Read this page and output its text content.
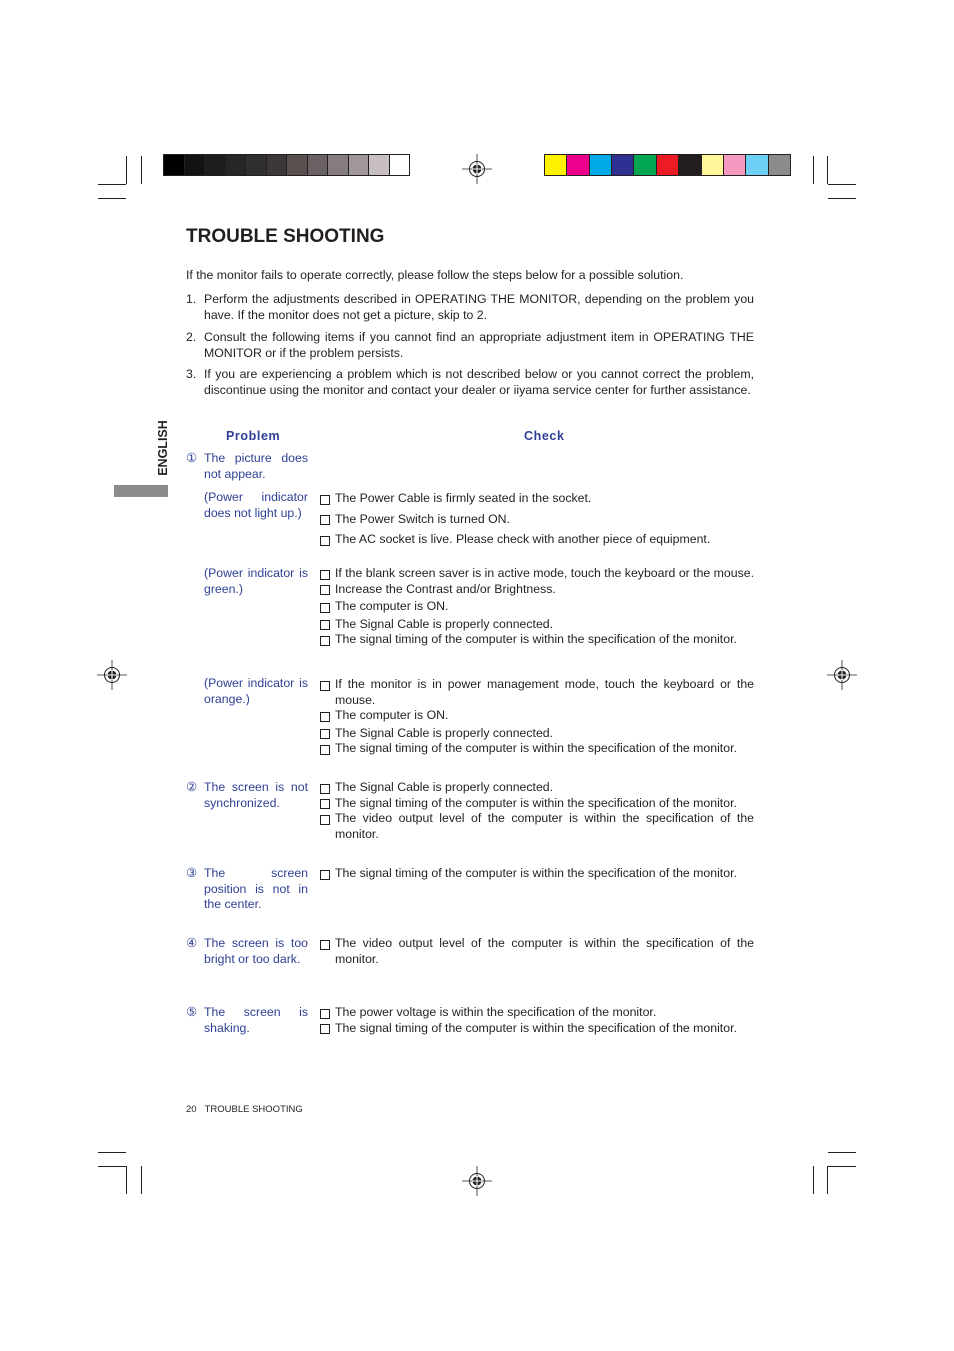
TROUBLE SHOOTING

If the monitor fails to operate correctly, please follow the steps below for a possible solution.

1. Perform the adjustments described in OPERATING THE MONITOR, depending on the problem you have. If the monitor does not get a picture, skip to 2.
2. Consult the following items if you cannot find an appropriate adjustment item in OPERATING THE MONITOR or if the problem persists.
3. If you are experiencing a problem which is not described below or you cannot correct the problem, discontinue using the monitor and contact your dealer or iiyama service center for further assistance.
ENGLISH	Problem	Check
① The picture does not appear.
(Power indicator does not light up.)
The Power Cable is firmly seated in the socket.
The Power Switch is turned ON.
The AC socket is live. Please check with another piece of equipment.
(Power indicator is green.)
If the blank screen saver is in active mode, touch the keyboard or the mouse.
Increase the Contrast and/or Brightness.
The computer is ON.
The Signal Cable is properly connected.
The signal timing of the computer is within the specification of the monitor.
(Power indicator is orange.)
If the monitor is in power management mode, touch the keyboard or the mouse.
The computer is ON.
The Signal Cable is properly connected.
The signal timing of the computer is within the specification of the monitor.
② The screen is not synchronized.
The Signal Cable is properly connected.
The signal timing of the computer is within the specification of the monitor.
The video output level of the computer is within the specification of the monitor.
③ The screen position is not in the center.
The signal timing of the computer is within the specification of the monitor.
④ The screen is too bright or too dark.
The video output level of the computer is within the specification of the monitor.
⑤ The screen is shaking.
The power voltage is within the specification of the monitor.
The signal timing of the computer is within the specification of the monitor.
20 TROUBLE SHOOTING
